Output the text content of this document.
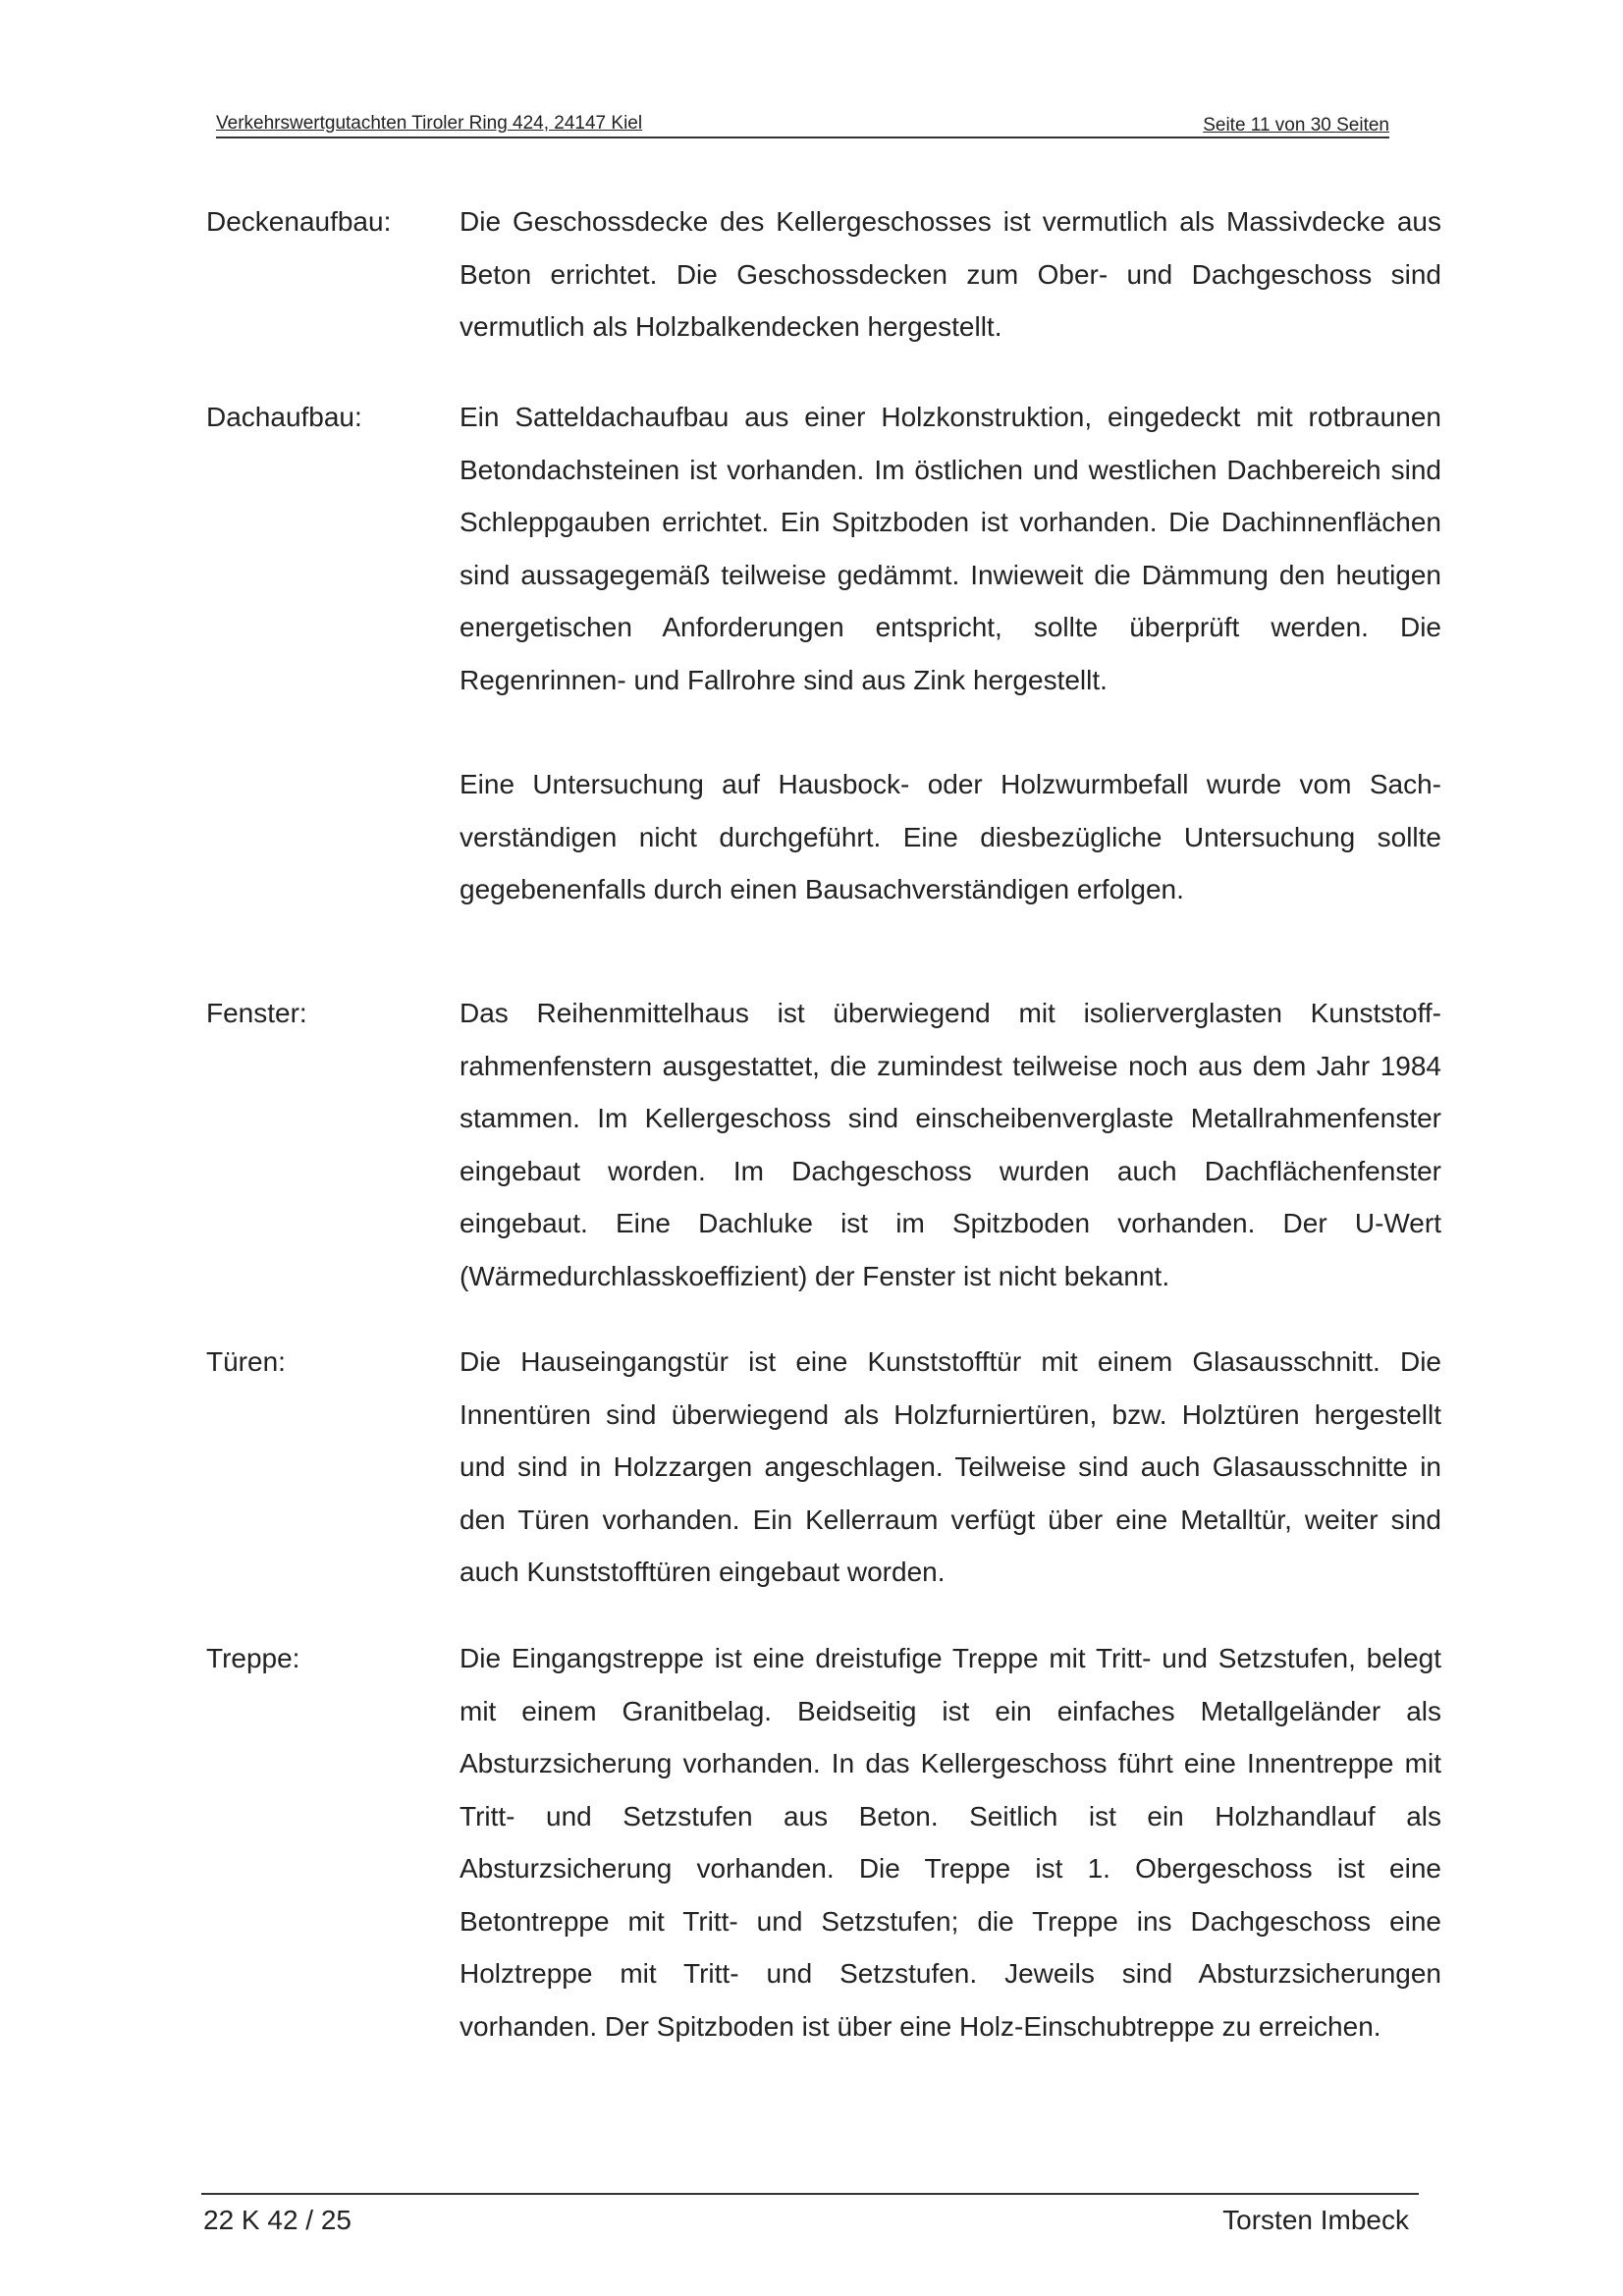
Verkehrswertgutachten Tiroler Ring 424, 24147 Kiel	Seite 11 von 30 Seiten
Deckenaufbau: Die Geschossdecke des Kellergeschosses ist vermutlich als Massivdecke aus Beton errichtet. Die Geschossdecken zum Ober- und Dachgeschoss sind vermutlich als Holzbalkendecken hergestellt.

Dachaufbau:	Ein Satteldachaufbau aus einer Holzkonstruktion, eingedeckt mit rotbraunen Betondachsteinen ist vorhanden. Im östlichen und westlichen Dachbereich sind Schleppgauben errichtet. Ein Spitzboden ist vorhanden. Die Dachinnenflächen sind aussagegemäß teilweise gedämmt. Inwieweit die Dämmung den heutigen energetischen Anforderungen entspricht, sollte überprüft werden. Die Regenrinnen- und Fallrohre sind aus Zink hergestellt.

Eine Untersuchung auf Hausbock- oder Holzwurmbefall wurde vom Sachverständigen nicht durchgeführt. Eine diesbezügliche Untersuchung sollte gegebenenfalls durch einen Bausachverständigen erfolgen.

Fenster:	Das Reihenmittelhaus ist überwiegend mit isolierverglasten Kunststoffrahmenfenstern ausgestattet, die zumindest teilweise noch aus dem Jahr 1984 stammen. Im Kellergeschoss sind einscheibenverglaste Metallrahmenfenster eingebaut worden. Im Dachgeschoss wurden auch Dachflächenfenster eingebaut. Eine Dachluke ist im Spitzboden vorhanden. Der U-Wert (Wärmedurchlasskoeffizient) der Fenster ist nicht bekannt.

Türen:	Die Hauseingangstür ist eine Kunststofftür mit einem Glasausschnitt. Die Innentüren sind überwiegend als Holzfurniertüren, bzw. Holztüren hergestellt und sind in Holzzargen angeschlagen. Teilweise sind auch Glasausschnitte in den Türen vorhanden. Ein Kellerraum verfügt über eine Metalltür, weiter sind auch Kunststofftüren eingebaut worden.

Treppe:	Die Eingangstreppe ist eine dreistufige Treppe mit Tritt- und Setzstufen, belegt mit einem Granitbelag. Beidseitig ist ein einfaches Metallgeländer als Absturzsicherung vorhanden. In das Kellergeschoss führt eine Innentreppe mit Tritt- und Setzstufen aus Beton. Seitlich ist ein Holzhandlauf als Absturzsicherung vorhanden. Die Treppe ist 1. Obergeschoss ist eine Betontreppe mit Tritt- und Setzstufen; die Treppe ins Dachgeschoss eine Holztreppe mit Tritt- und Setzstufen. Jeweils sind Absturzsicherungen vorhanden. Der Spitzboden ist über eine Holz-Einschubtreppe zu erreichen.

22 K 42 / 25	Torsten Imbeck
